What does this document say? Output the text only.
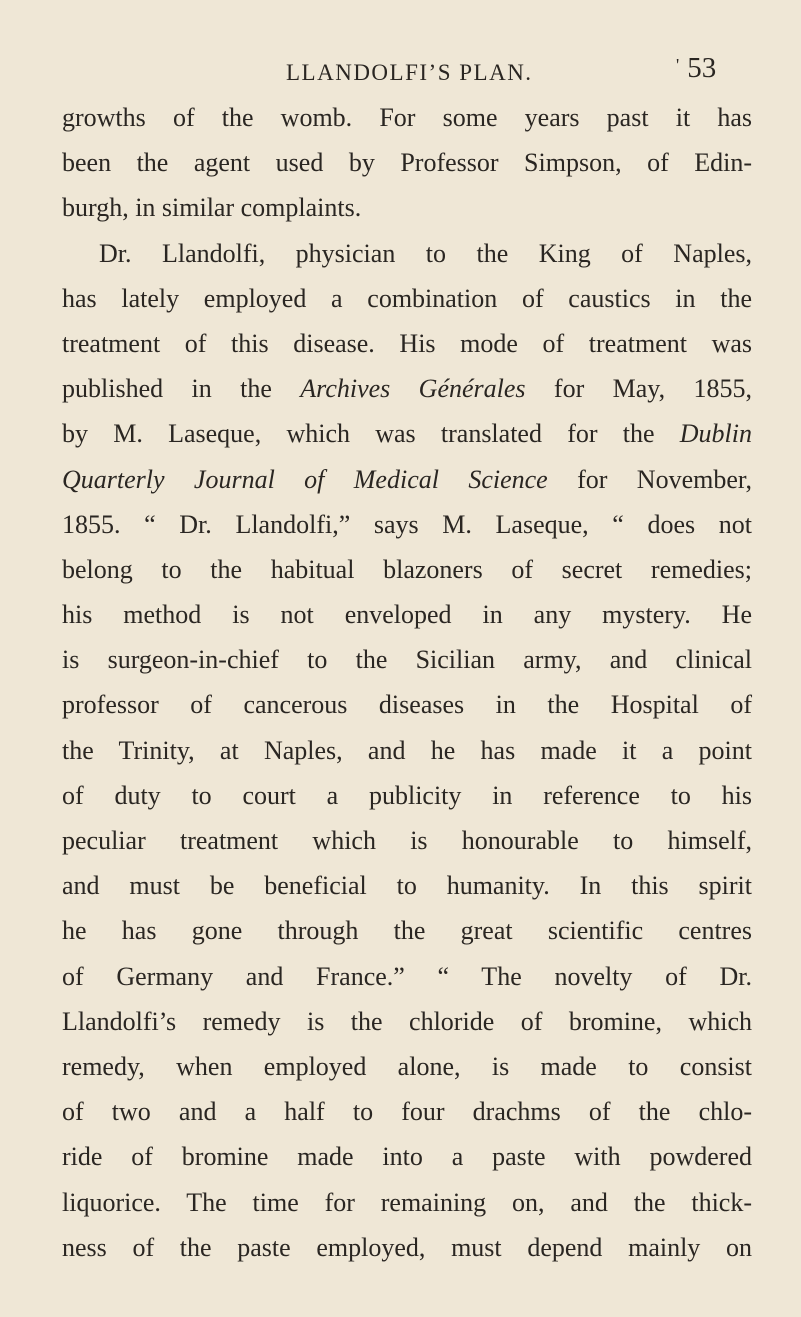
LLANDOLFI’S PLAN.	' 53
growths of the womb. For some years past it has
been the agent used by Professor Simpson, of Edin-
burgh, in similar complaints.
Dr. Llandolfi, physician to the King of Naples,
has lately employed a combination of caustics in the
treatment of this disease. His mode of treatment was
published in the Archives Générales for May, 1855,
by M. Laseque, which was translated for the Dublin
Quarterly Journal of Medical Science for November,
1855. “ Dr. Llandolfi,” says M. Laseque, “ does not
belong to the habitual blazoners of secret remedies;
his method is not enveloped in any mystery. He
is surgeon-in-chief to the Sicilian army, and clinical
professor of cancerous diseases in the Hospital of
the Trinity, at Naples, and he has made it a point
of duty to court a publicity in reference to his
peculiar treatment which is honourable to himself,
and must be beneficial to humanity. In this spirit
he has gone through the great scientific centres
of Germany and France.” “ The novelty of Dr.
Llandolfi’s remedy is the chloride of bromine, which
remedy, when employed alone, is made to consist
of two and a half to four drachms of the chlo-
ride of bromine made into a paste with powdered
liquorice. The time for remaining on, and the thick-
ness of the paste employed, must depend mainly on
